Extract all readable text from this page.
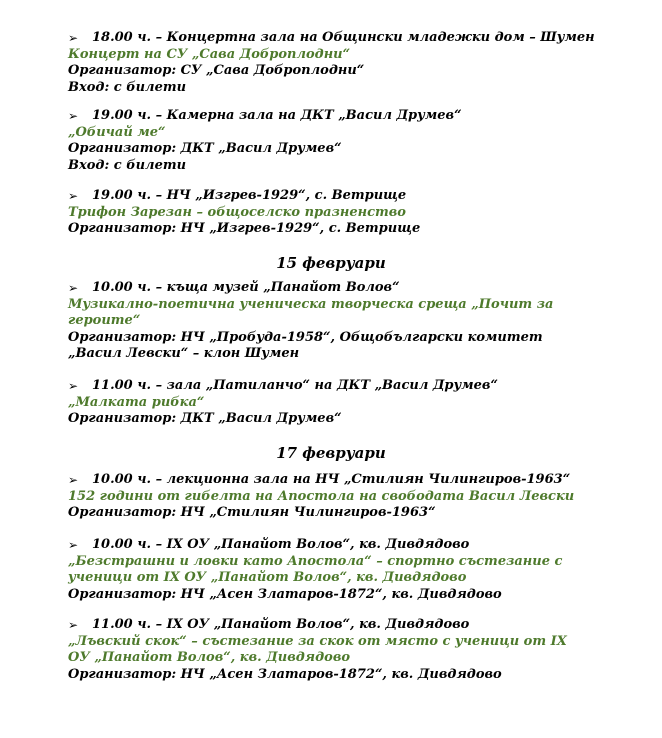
➢ 18.00 ч. – Концертна зала на Общински младежки дом – Шумен
Концерт на СУ „Сава Доброплодни“
Организатор: СУ „Сава Доброплодни“
Вход: с билети
➢ 19.00 ч. – Камерна зала на ДКТ „Васил Друмев“
„Обичай ме“
Организатор: ДКТ „Васил Друмев“
Вход: с билети
➢ 19.00 ч. – НЧ „Изгрев-1929“, с. Ветрище
Трифон Зарезан – общоселско празненство
Организатор: НЧ „Изгрев-1929“, с. Ветрище
15 февруари
➢ 10.00 ч. – къща музей „Панайот Волов“
Музикално-поетична ученическа творческа среща „Почит за героите“
Организатор: НЧ „Пробуда-1958“, Общобългарски комитет „Васил Левски“ – клон Шумен
➢ 11.00 ч. – зала „Патиланчо“ на ДКТ „Васил Друмев“
„Малката рибка“
Организатор: ДКТ „Васил Друмев“
17 февруари
➢ 10.00 ч. – лекционна зала на НЧ „Стилиян Чилингиров-1963“
152 години от гибелта на Апостола на свободата Васил Левски
Организатор: НЧ „Стилиян Чилингиров-1963“
➢ 10.00 ч. – IX ОУ „Панайот Волов“, кв. Дивдядово
„Безстрашни и ловки като Апостола“ – спортно състезание с ученици от IX ОУ „Панайот Волов“, кв. Дивдядово
Организатор: НЧ „Асен Златаров-1872“, кв. Дивдядово
➢ 11.00 ч. – IX ОУ „Панайот Волов“, кв. Дивдядово
„Лъвский скок“ – състезание за скок от място с ученици от IX ОУ „Панайот Волов“, кв. Дивдядово
Организатор: НЧ „Асен Златаров-1872“, кв. Дивдядово
